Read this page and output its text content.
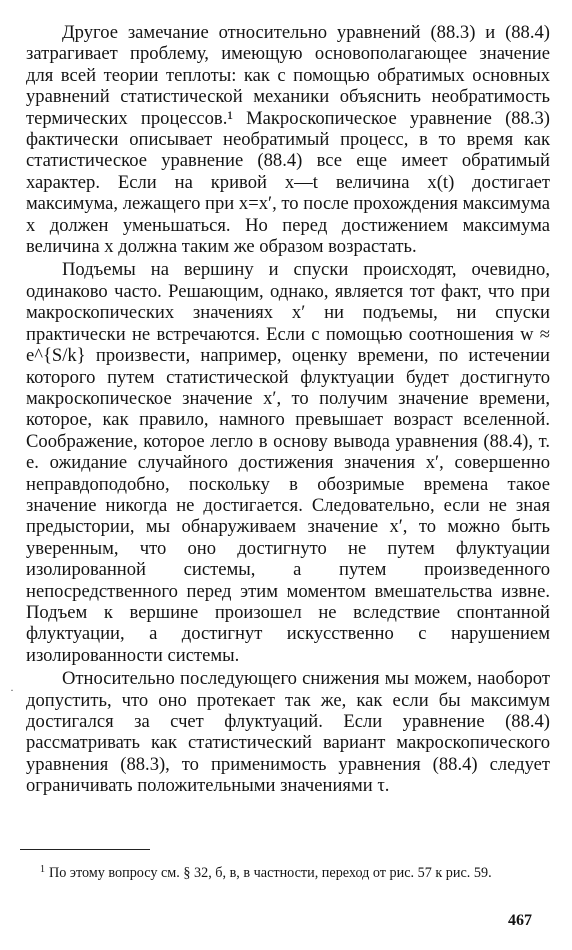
Другое замечание относительно уравнений (88.3) и (88.4) затрагивает проблему, имеющую основополагающее значение для всей теории теплоты: как с помощью обратимых основных уравнений статистической механики объяснить необратимость термических процессов.¹ Макроскопическое уравнение (88.3) фактически описывает необратимый процесс, в то время как статистическое уравнение (88.4) все еще имеет обратимый характер. Если на кривой x—t величина x(t) достигает максимума, лежащего при x=x′, то после прохождения максимума x должен уменьшаться. Но перед достижением максимума величина x должна таким же образом возрастать.

Подъемы на вершину и спуски происходят, очевидно, одинаково часто. Решающим, однако, является тот факт, что при макроскопических значениях x′ ни подъемы, ни спуски практически не встречаются. Если с помощью соотношения w ≈ e^{S/k} произвести, например, оценку времени, по истечении которого путем статистической флуктуации будет достигнуто макроскопическое значение x′, то получим значение времени, которое, как правило, намного превышает возраст вселенной. Соображение, которое легло в основу вывода уравнения (88.4), т. е. ожидание случайного достижения значения x′, совершенно неправдоподобно, поскольку в обозримые времена такое значение никогда не достигается. Следовательно, если не зная предыстории, мы обнаруживаем значение x′, то можно быть уверенным, что оно достигнуто не путем флуктуации изолированной системы, а путем произведенного непосредственного перед этим моментом вмешательства извне. Подъем к вершине произошел не вследствие спонтанной флуктуации, а достигнут искусственно с нарушением изолированности системы.

Относительно последующего снижения мы можем, наоборот допустить, что оно протекает так же, как если бы максимум достигался за счет флуктуаций. Если уравнение (88.4) рассматривать как статистический вариант макроскопического уравнения (88.3), то применимость уравнения (88.4) следует ограничивать положительными значениями τ.

·
$^1$ По этому вопросу см. § 32, б, в, в частности, переход от рис. 57 к рис. 59.
467
